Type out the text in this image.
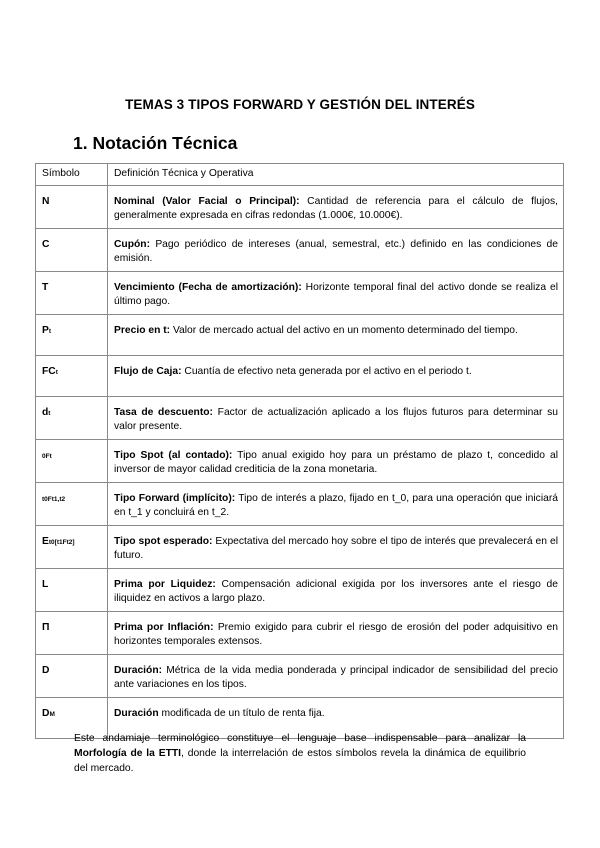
TEMAS 3 TIPOS FORWARD Y GESTIÓN DEL INTERÉS
1. Notación Técnica
Símbolo	Definición Técnica y Operativa
N	Nominal (Valor Facial o Principal): Cantidad de referencia para el cálculo de flujos, generalmente expresada en cifras redondas (1.000€, 10.000€).
C	Cupón: Pago periódico de intereses (anual, semestral, etc.) definido en las condiciones de emisión.
T	Vencimiento (Fecha de amortización): Horizonte temporal final del activo donde se realiza el último pago.
Pt	Precio en t: Valor de mercado actual del activo en un momento determinado del tiempo.
FCt	Flujo de Caja: Cuantía de efectivo neta generada por el activo en el periodo t.
dt	Tasa de descuento: Factor de actualización aplicado a los flujos futuros para determinar su valor presente.
0Ft	Tipo Spot (al contado): Tipo anual exigido hoy para un préstamo de plazo t, concedido al inversor de mayor calidad crediticia de la zona monetaria.
t0Ft1,t2	Tipo Forward (implícito): Tipo de interés a plazo, fijado en t_0, para una operación que iniciará en t_1 y concluirá en t_2.
Et0[t1Ft2]	Tipo spot esperado: Expectativa del mercado hoy sobre el tipo de interés que prevalecerá en el futuro.
L	Prima por Liquidez: Compensación adicional exigida por los inversores ante el riesgo de iliquidez en activos a largo plazo.
Π	Prima por Inflación: Premio exigido para cubrir el riesgo de erosión del poder adquisitivo en horizontes temporales extensos.
D	Duración: Métrica de la vida media ponderada y principal indicador de sensibilidad del precio ante variaciones en los tipos.
DM	Duración modificada de un título de renta fija.
Este andamiaje terminológico constituye el lenguaje base indispensable para analizar la Morfología de la ETTI, donde la interrelación de estos símbolos revela la dinámica de equilibrio del mercado.
